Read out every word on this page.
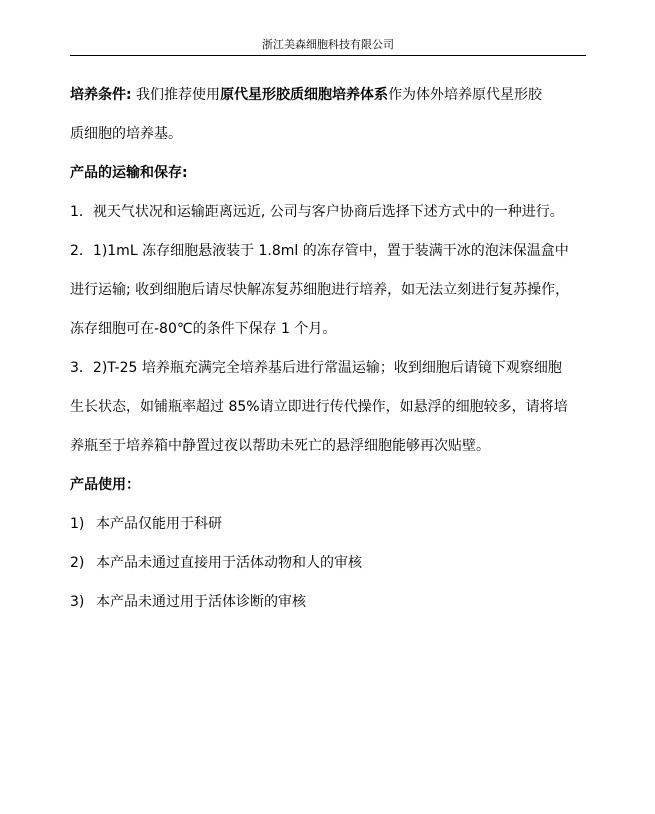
浙江美森细胞科技有限公司
培养条件: 我们推荐使用原代星形胶质细胞培养体系作为体外培养原代星形胶
质细胞的培养基。
产品的运输和保存:
1．视天气状况和运输距离远近, 公司与客户协商后选择下述方式中的一种进行。
2．1)1mL 冻存细胞悬液装于 1.8ml 的冻存管中，置于装满干冰的泡沫保温盒中
进行运输; 收到细胞后请尽快解冻复苏细胞进行培养，如无法立刻进行复苏操作，
冻存细胞可在-80℃的条件下保存 1 个月。
3．2)T-25 培养瓶充满完全培养基后进行常温运输；收到细胞后请镜下观察细胞
生长状态，如铺瓶率超过 85%请立即进行传代操作，如悬浮的细胞较多，请将培
养瓶至于培养箱中静置过夜以帮助未死亡的悬浮细胞能够再次贴壁。
产品使用：
1) 本产品仅能用于科研
2) 本产品未通过直接用于活体动物和人的审核
3) 本产品未通过用于活体诊断的审核
